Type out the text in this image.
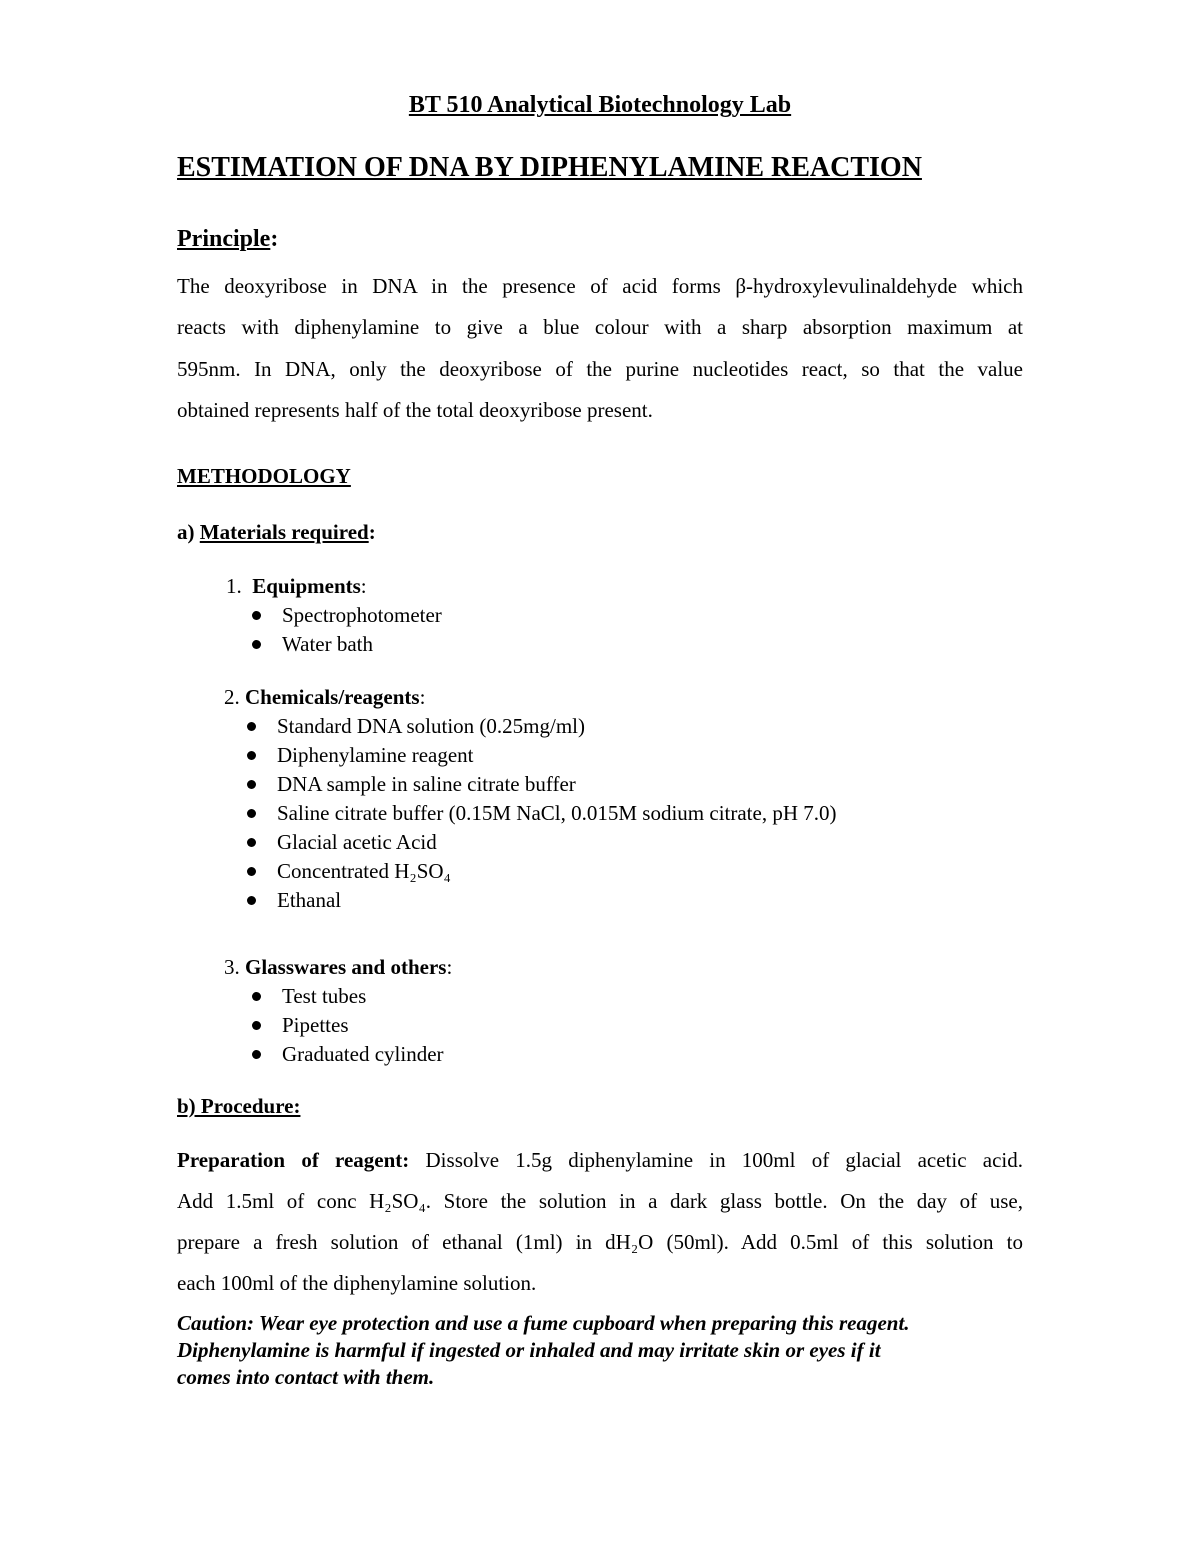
BT 510 Analytical Biotechnology Lab

ESTIMATION OF DNA BY DIPHENYLAMINE REACTION

Principle:

The deoxyribose in DNA in the presence of acid forms β-hydroxylevulinaldehyde which

reacts with diphenylamine to give a blue colour with a sharp absorption maximum at

595nm. In DNA, only the deoxyribose of the purine nucleotides react, so that the value

obtained represents half of the total deoxyribose present.

METHODOLOGY

a) Materials required:

1. Equipments:

Spectrophotometer

Water bath

2. Chemicals/reagents:

Standard DNA solution (0.25mg/ml)

Diphenylamine reagent

DNA sample in saline citrate buffer

Saline citrate buffer (0.15M NaCl, 0.015M sodium citrate, pH 7.0)

Glacial acetic Acid

Concentrated H₂SO₄

Ethanal

3. Glasswares and others:

Test tubes

Pipettes

Graduated cylinder

b) Procedure:

Preparation of reagent: Dissolve 1.5g diphenylamine in 100ml of glacial acetic acid.

Add 1.5ml of conc H₂SO₄. Store the solution in a dark glass bottle. On the day of use,

prepare a fresh solution of ethanal (1ml) in dH₂O (50ml). Add 0.5ml of this solution to

each 100ml of the diphenylamine solution.

Caution: Wear eye protection and use a fume cupboard when preparing this reagent.

Diphenylamine is harmful if ingested or inhaled and may irritate skin or eyes if it

comes into contact with them.
